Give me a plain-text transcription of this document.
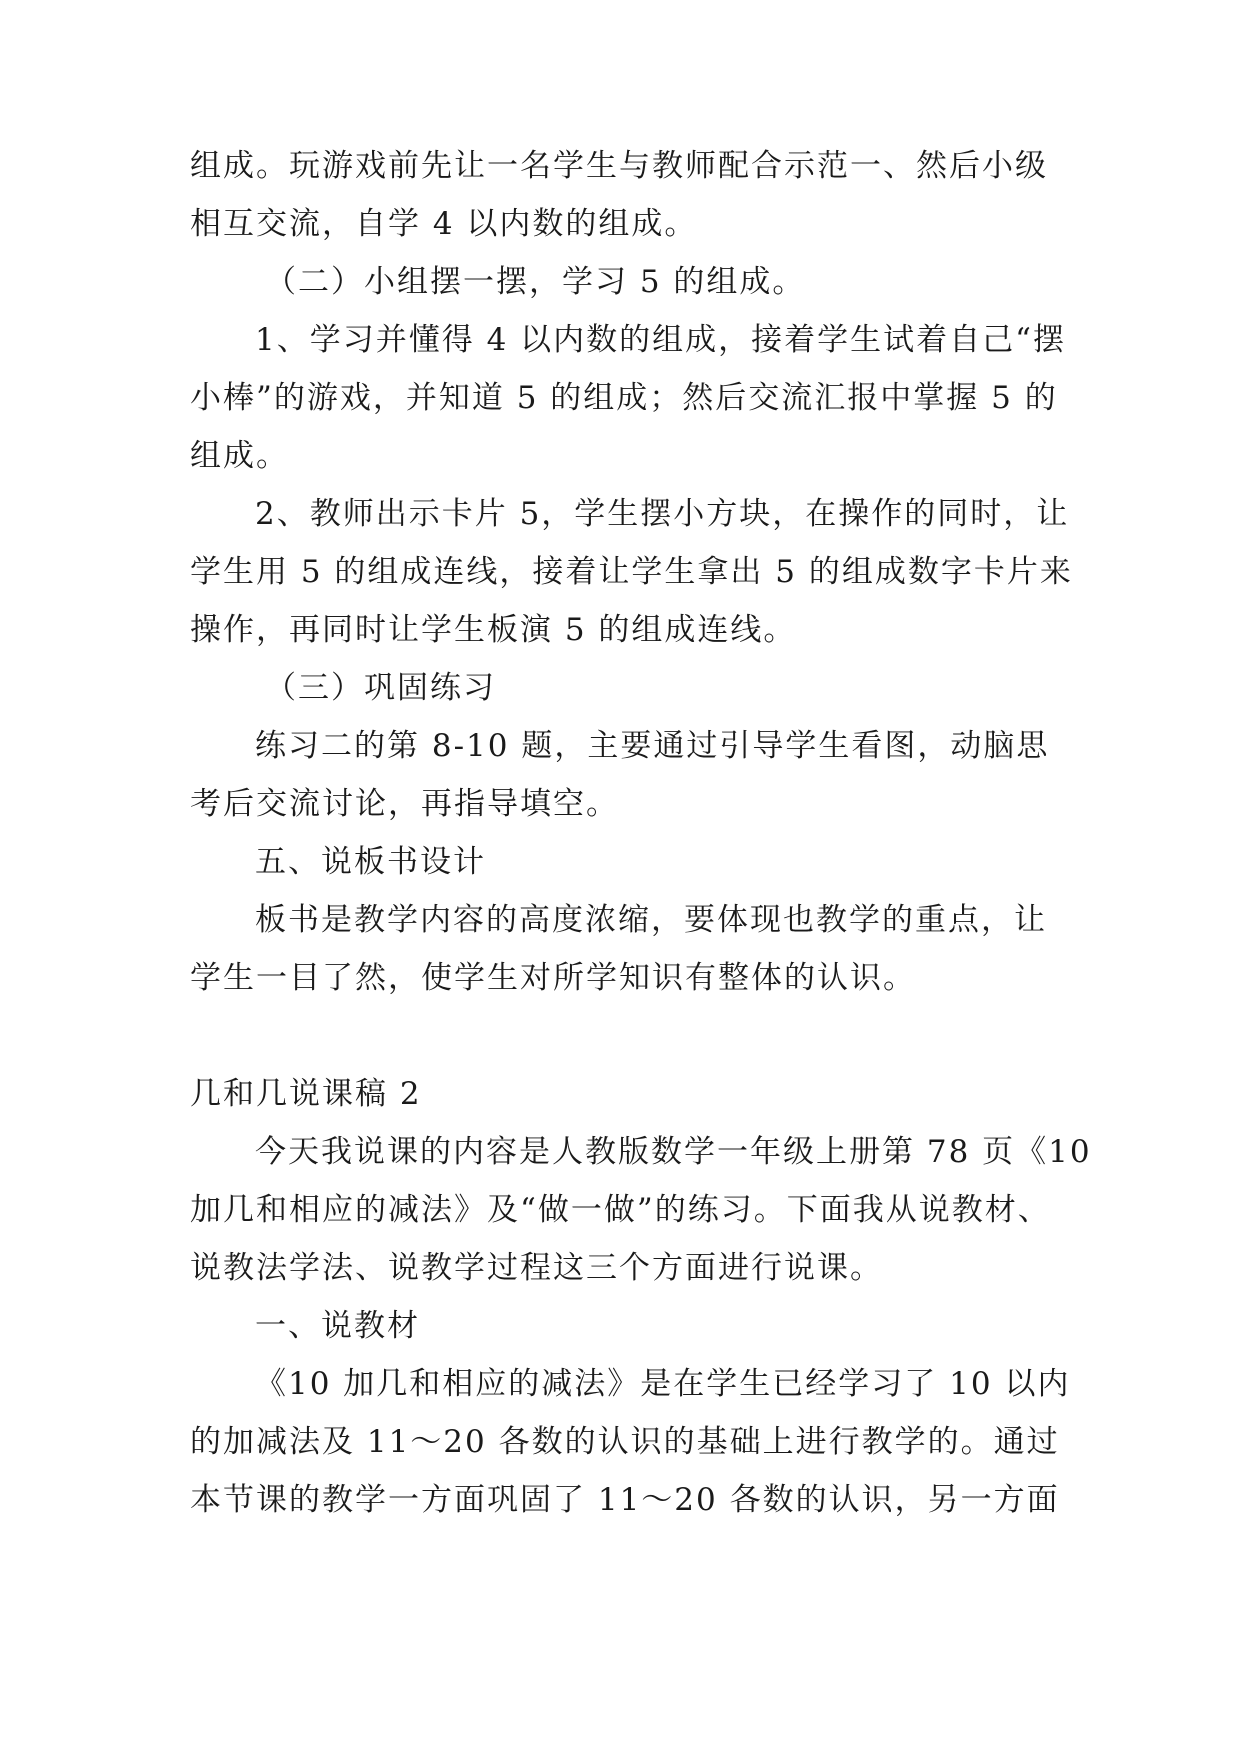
组成。玩游戏前先让一名学生与教师配合示范一、然后小级
相互交流，自学 4 以内数的组成。
（二）小组摆一摆，学习 5 的组成。
1、学习并懂得 4 以内数的组成，接着学生试着自己“摆
小棒”的游戏，并知道 5 的组成；然后交流汇报中掌握 5 的
组成。
2、教师出示卡片 5，学生摆小方块，在操作的同时，让
学生用 5 的组成连线，接着让学生拿出 5 的组成数字卡片来
操作，再同时让学生板演 5 的组成连线。
（三）巩固练习
练习二的第 8-10 题，主要通过引导学生看图，动脑思
考后交流讨论，再指导填空。
五、说板书设计
板书是教学内容的高度浓缩，要体现也教学的重点，让
学生一目了然，使学生对所学知识有整体的认识。
几和几说课稿 2
今天我说课的内容是人教版数学一年级上册第 78 页《10
加几和相应的减法》及“做一做”的练习。下面我从说教材、
说教法学法、说教学过程这三个方面进行说课。
一、说教材
《10 加几和相应的减法》是在学生已经学习了 10 以内
的加减法及 11～20 各数的认识的基础上进行教学的。通过
本节课的教学一方面巩固了 11～20 各数的认识，另一方面
